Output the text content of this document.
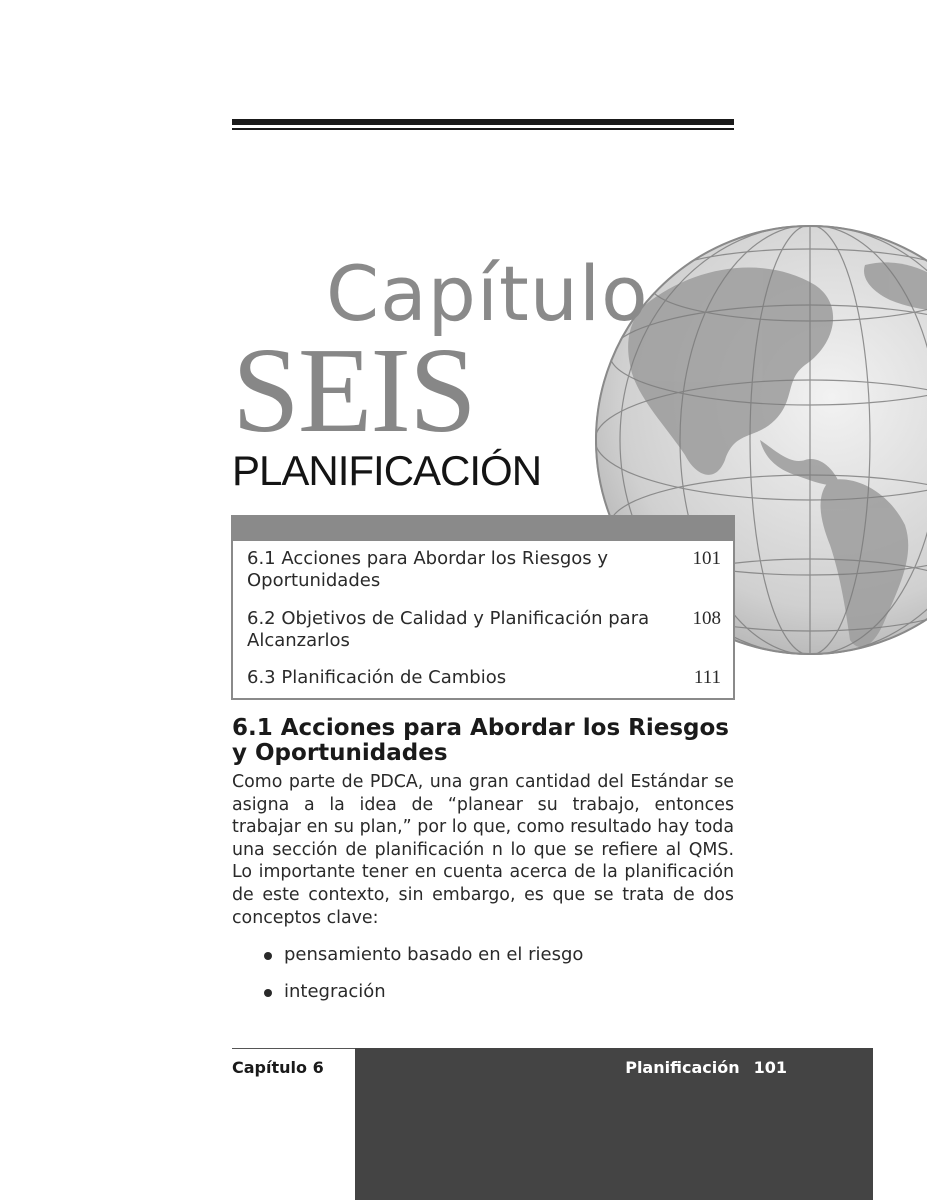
Capítulo
SEIS
PLANIFICACIÓN
6.1 Acciones para Abordar los Riesgos y Oportunidades
101
6.2 Objetivos de Calidad y Planificación para Alcanzarlos
108
6.3 Planificación de Cambios	111
6.1 Acciones para Abordar los Riesgos y Oportunidades
Como parte de PDCA, una gran cantidad del Estándar se asigna a la idea de “planear su trabajo, entonces trabajar en su plan,” por lo que, como resultado hay toda una sección de planificación n lo que se refiere al QMS. Lo importante tener en cuenta acerca de la planificación de este contexto, sin embargo, es que se trata de dos conceptos clave:
pensamiento basado en el riesgo
integración
Capítulo 6	Planificación 101
